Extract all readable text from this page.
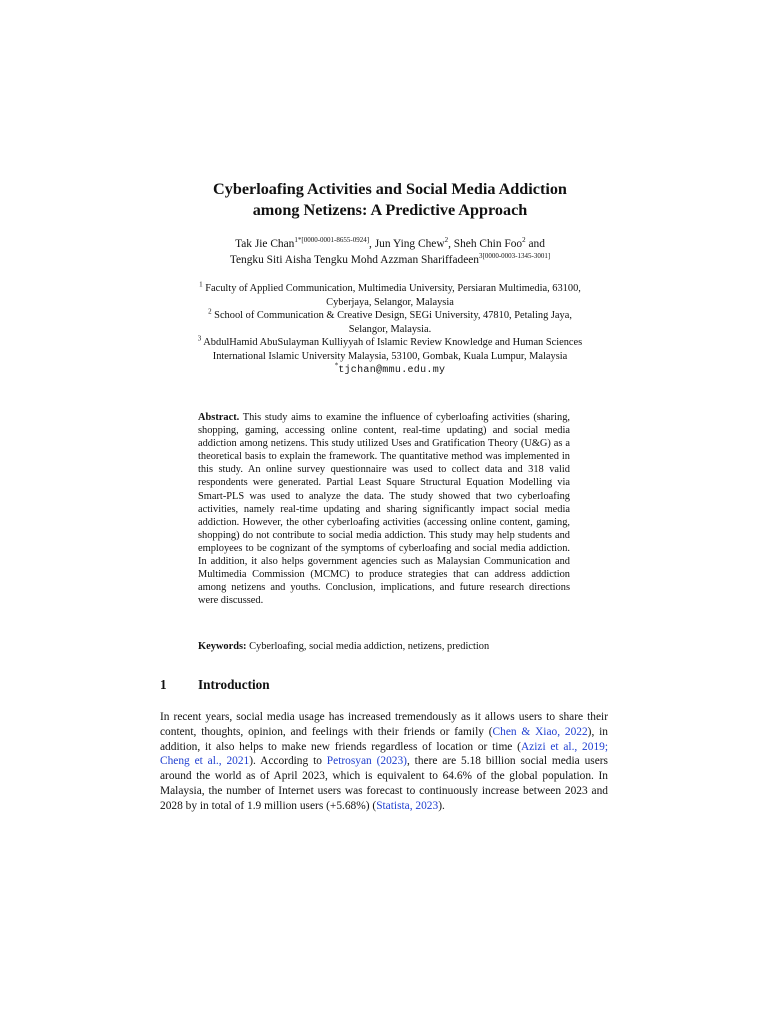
Cyberloafing Activities and Social Media Addiction
among Netizens: A Predictive Approach
Tak Jie Chan$^{1*[0000-0001-8655-0924]}$, Jun Ying Chew$^2$, Sheh Chin Foo$^2$ and
Tengku Siti Aisha Tengku Mohd Azzman Shariffadeen$^{3[0000-0003-1345-3001]}$
$^1$ Faculty of Applied Communication, Multimedia University, Persiaran Multimedia, 63100,
Cyberjaya, Selangor, Malaysia
$^2$ School of Communication & Creative Design, SEGi University, 47810, Petaling Jaya,
Selangor, Malaysia.
$^3$ AbdulHamid AbuSulayman Kulliyyah of Islamic Review Knowledge and Human Sciences
International Islamic University Malaysia, 53100, Gombak, Kuala Lumpur, Malaysia
*tjchan@mmu.edu.my
Abstract. This study aims to examine the influence of cyberloafing activities (sharing, shopping, gaming, accessing online content, real-time updating) and social media addiction among netizens. This study utilized Uses and Gratification Theory (U&G) as a theoretical basis to explain the framework. The quantitative method was implemented in this study. An online survey questionnaire was used to collect data and 318 valid respondents were generated. Partial Least Square Structural Equation Modelling via Smart-PLS was used to analyze the data. The study showed that two cyberloafing activities, namely real-time updating and sharing significantly impact social media addiction. However, the other cyberloafing activities (accessing online content, gaming, shopping) do not contribute to social media addiction. This study may help students and employees to be cognizant of the symptoms of cyberloafing and social media addiction. In addition, it also helps government agencies such as Malaysian Communication and Multimedia Commission (MCMC) to produce strategies that can address addiction among netizens and youths. Conclusion, implications, and future research directions were discussed.
Keywords: Cyberloafing, social media addiction, netizens, prediction
1 Introduction
In recent years, social media usage has increased tremendously as it allows users to share their content, thoughts, opinion, and feelings with their friends or family (Chen & Xiao, 2022), in addition, it also helps to make new friends regardless of location or time (Azizi et al., 2019; Cheng et al., 2021). According to Petrosyan (2023), there are 5.18 billion social media users around the world as of April 2023, which is equivalent to 64.6% of the global population. In Malaysia, the number of Internet users was forecast to continuously increase between 2023 and 2028 by in total of 1.9 million users (+5.68%) (Statista, 2023).
